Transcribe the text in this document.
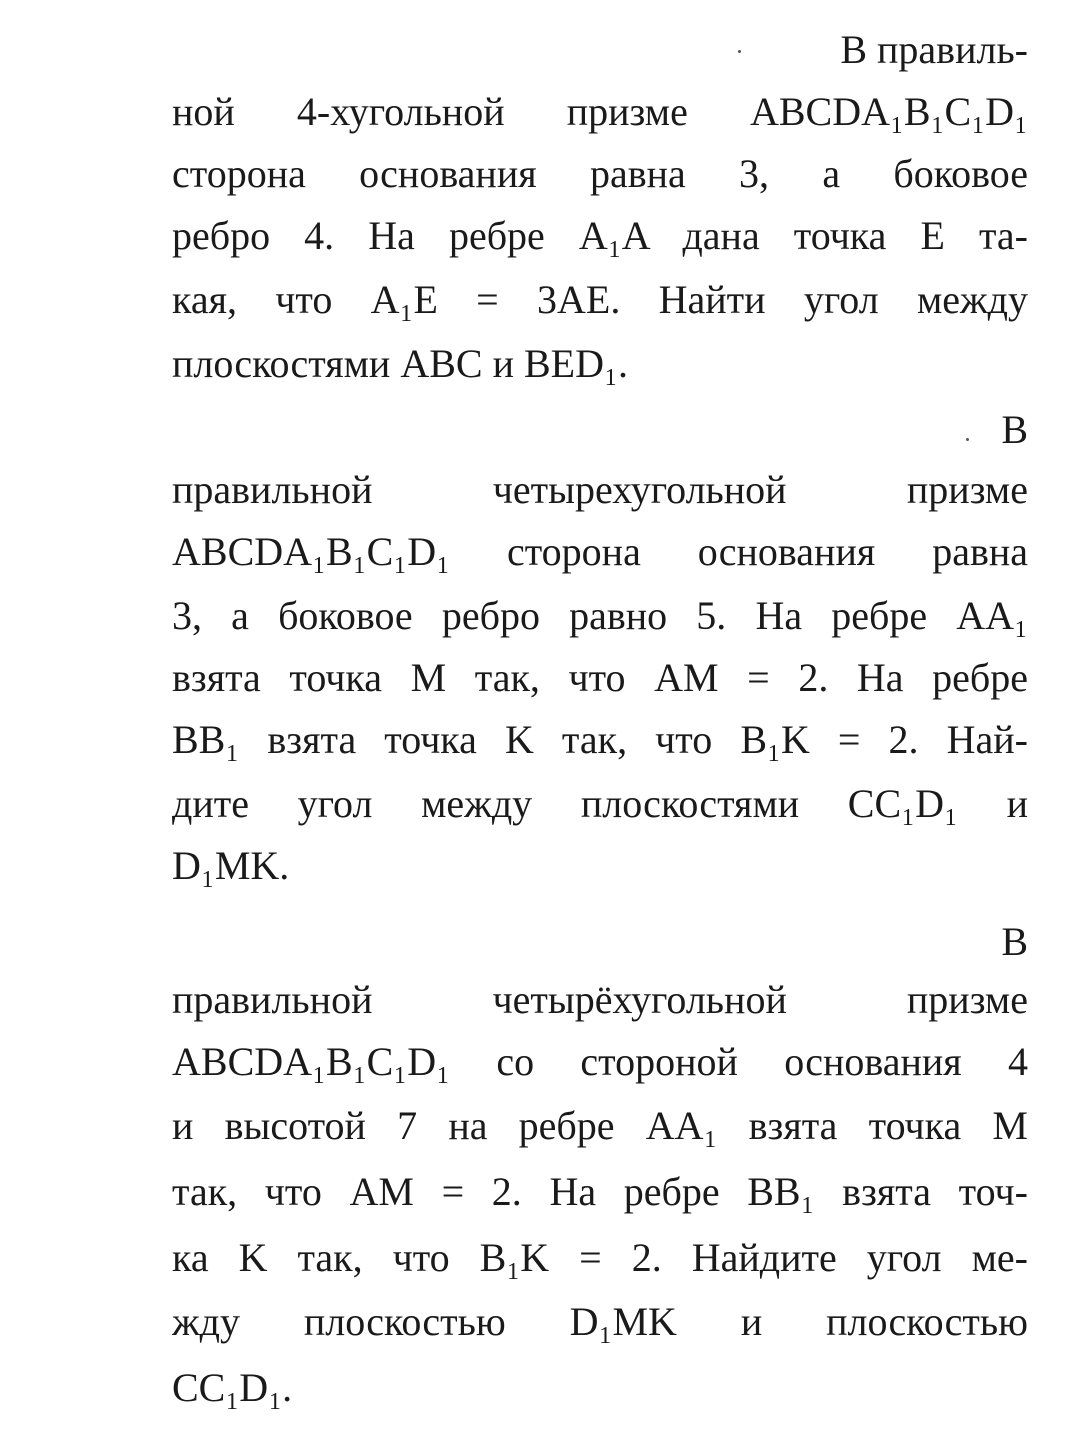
В правиль-
ной 4-хугольной призме ABCDA₁B₁C₁D₁
сторона основания равна 3, а боковое
ребро 4. На ребре A₁A дана точка E та-
кая, что A₁E = 3AE. Найти угол между
плоскостями ABC и BED₁.
В
правильной четырехугольной призме
ABCDA₁B₁C₁D₁ сторона основания равна
3, а боковое ребро равно 5. На ребре AA₁
взята точка M так, что AM = 2. На ребре
BB₁ взята точка K так, что B₁K = 2. Най-
дите угол между плоскостями CC₁D₁ и
D₁MK.
В
правильной четырёхугольной призме
ABCDA₁B₁C₁D₁ со стороной основания 4
и высотой 7 на ребре AA₁ взята точка M
так, что AM = 2. На ребре BB₁ взята точ-
ка K так, что B₁K = 2. Найдите угол ме-
жду плоскостью D₁MK и плоскостью
CC₁D₁.
